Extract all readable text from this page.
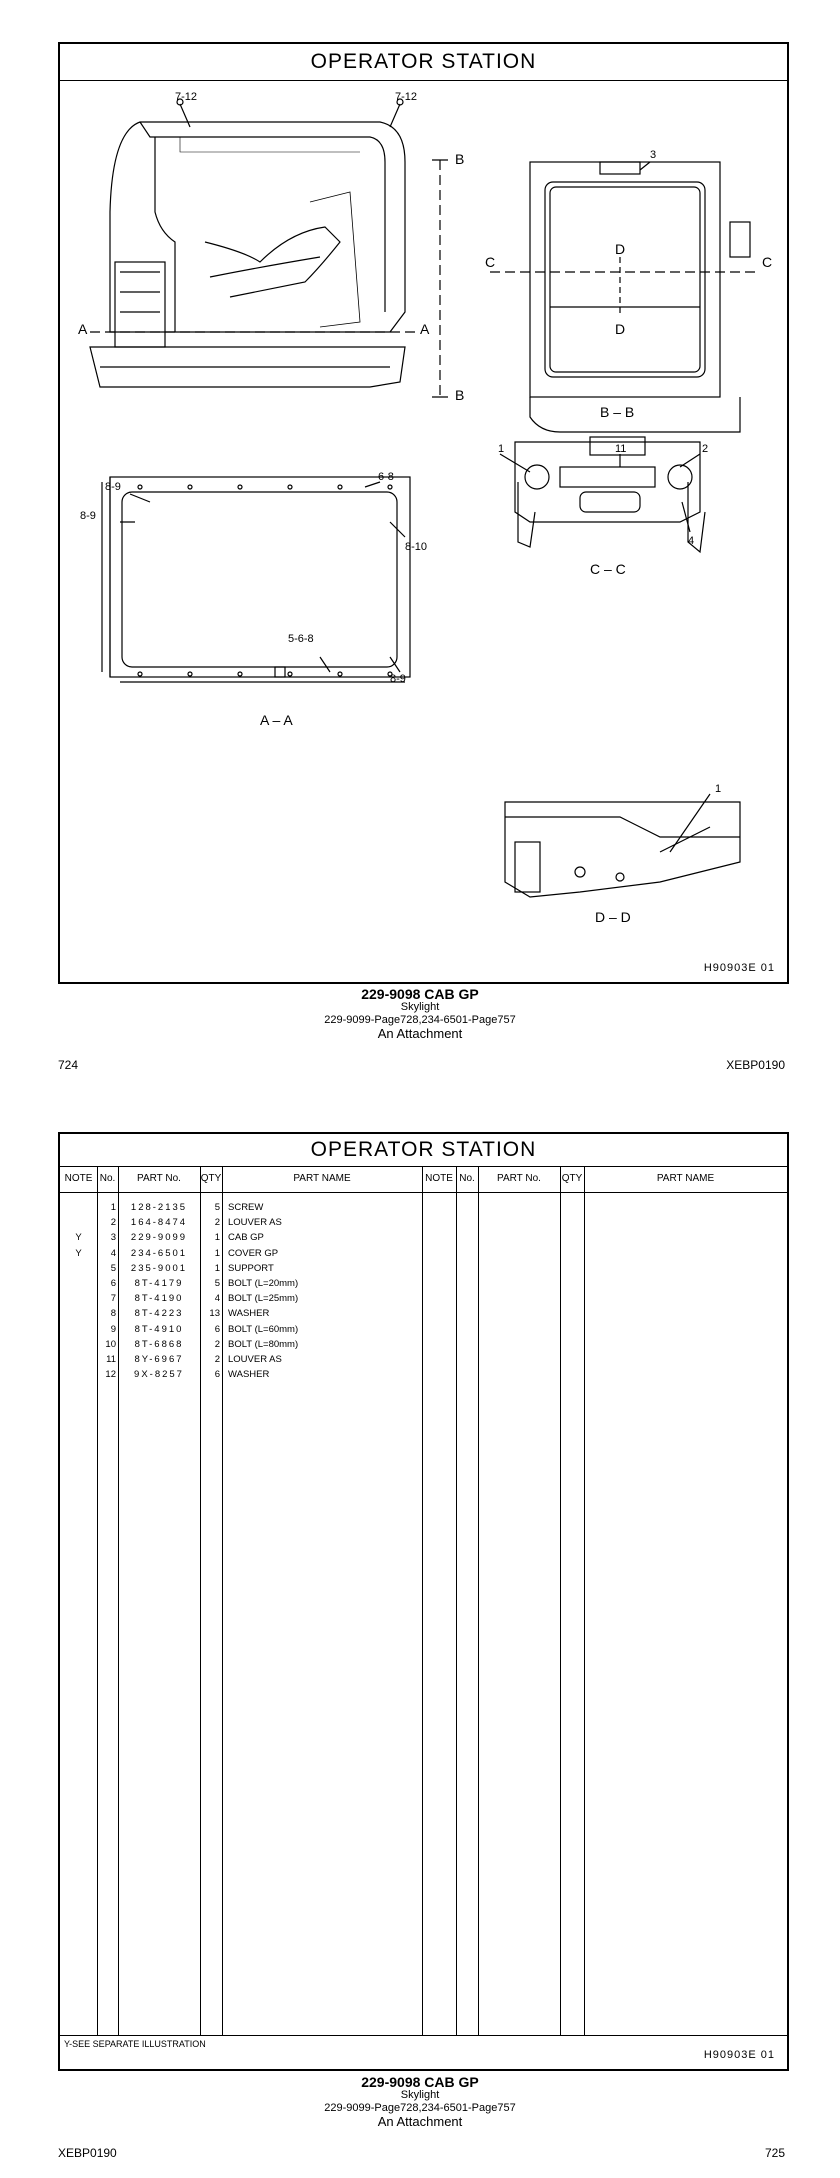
OPERATOR STATION
7-12	7-12
3
A	A
B
B
C	C
D
D
B – B
1	11	2
4
C – C
8-9
8-9
6-8
8-10
5-6-8
8-9
A – A
1
D – D
H90903E 01
229-9098 CAB GP
Skylight
229-9099-Page728,234-6501-Page757
An Attachment
724	XEBP0190
OPERATOR STATION
NOTE No.	PART No.	QTY	PART NAME	NOTE No.	PART No.	QTY	PART NAME
1	128-2135	5 SCREW
2	164-8474	2 LOUVER AS
Y	3	229-9099	1 CAB GP
Y	4	234-6501	1 COVER GP
5	235-9001	1 SUPPORT
6	8T-4179	5 BOLT (L=20mm)
7	8T-4190	4 BOLT (L=25mm)
8	8T-4223	13 WASHER
9	8T-4910	6 BOLT (L=60mm)
10	8T-6868	2 BOLT (L=80mm)
11	8Y-6967	2 LOUVER AS
12	9X-8257	6 WASHER
Y-SEE SEPARATE ILLUSTRATION
H90903E 01
229-9098 CAB GP
Skylight
229-9099-Page728,234-6501-Page757
An Attachment
XEBP0190	725
